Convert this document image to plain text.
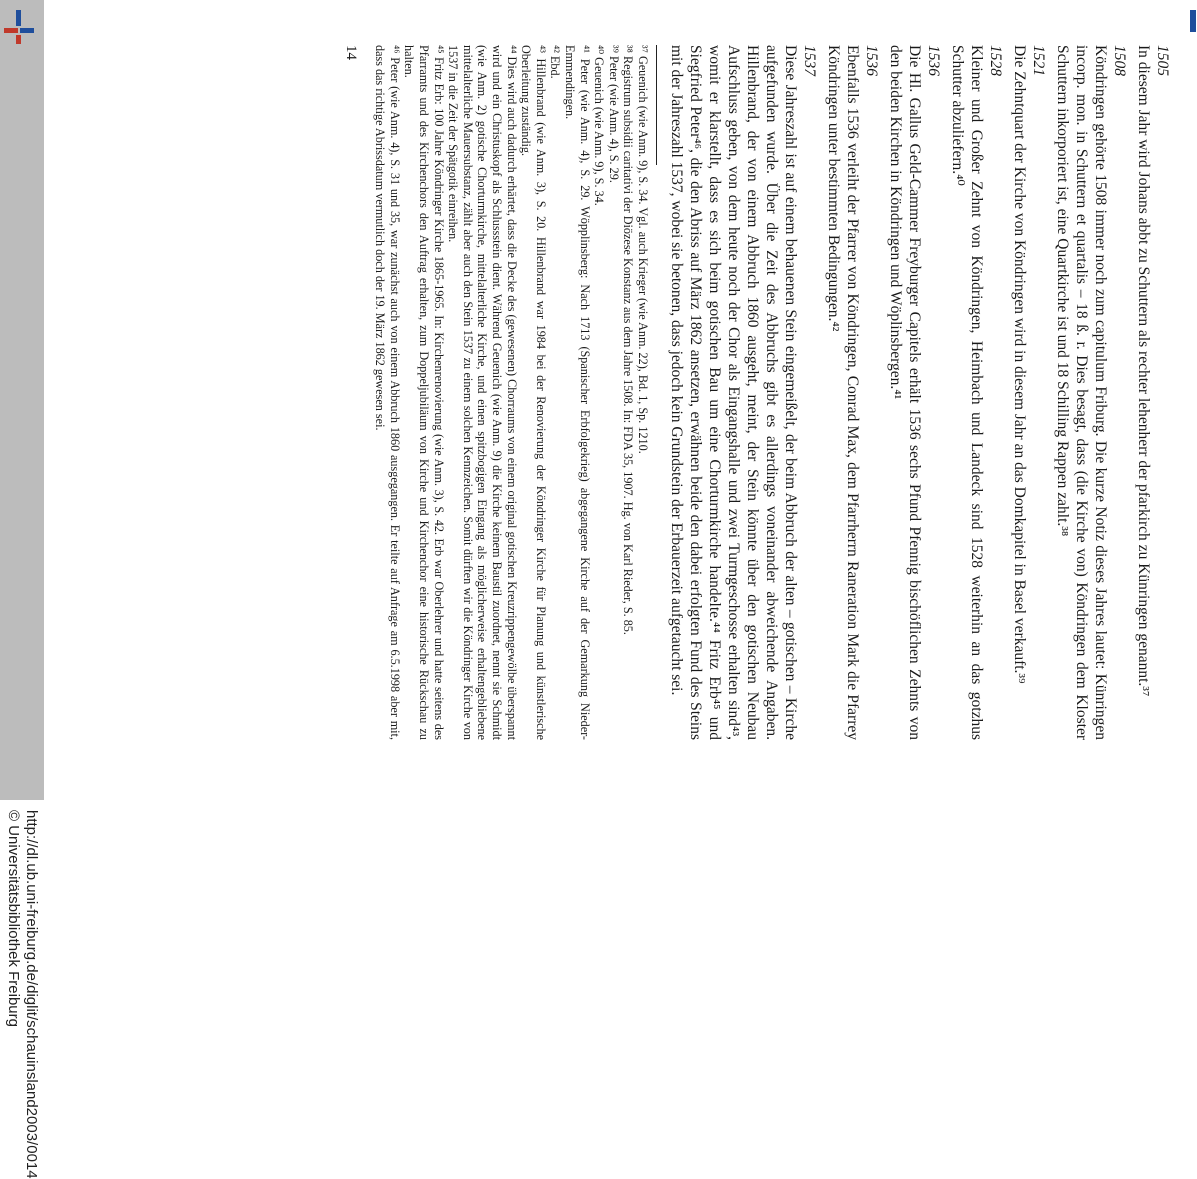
http://dl.ub.uni-freiburg.de/diglit/schauinsland2003/0014
© Universitätsbibliothek Freiburg
1505

In diesem Jahr wird Johans abbt zu Schuttern als rechter lehenherr der pfarkirch zu Künringen genannt.³⁷

1508

Köndringen gehörte 1508 immer noch zum capitulum Friburg. Die kurze Notiz dieses Jahres lautet: Künringen incorp. mon. in Schuttern et quartalis – 18 ß. r. Dies besagt, dass (die Kirche von) Köndringen dem Kloster Schuttern inkorporiert ist, eine Quartkirche ist und 18 Schilling Rappen zahlt.³⁸

1521

Die Zehntquart der Kirche von Köndringen wird in diesem Jahr an das Domkapitel in Basel verkauft.³⁹

1528

Kleiner und Großer Zehnt von Köndringen, Heimbach und Landeck sind 1528 weiterhin an das gotzhus Schutter abzuliefern.⁴⁰

1536

Die Hl. Gallus Geld-Cammer Freyburger Capitels erhält 1536 sechs Pfund Pfennig bischöflichen Zehnts von den beiden Kirchen in Köndringen und Wöplinsbergen.⁴¹

1536

Ebenfalls 1536 verleiht der Pfarrer von Köndringen, Conrad Max, dem Pfarrherrn Raneration Mark die Pfarrey Köndringen unter bestimmten Bedingungen.⁴²

1537

Diese Jahreszahl ist auf einem behauenen Stein eingemeißelt, der beim Abbruch der alten – gotischen – Kirche aufgefunden wurde. Über die Zeit des Abbruchs gibt es allerdings voneinander abweichende Angaben. Hillenbrand, der von einem Abbruch 1860 ausgeht, meint, der Stein könnte über den gotischen Neubau Aufschluss geben, von dem heute noch der Chor als Eingangshalle und zwei Turmgeschosse erhalten sind⁴³, womit er klarstellt, dass es sich beim gotischen Bau um eine Chorturmkirche handelte.⁴⁴ Fritz Erb⁴⁵ und Siegfried Peter⁴⁶, die den Abriss auf März 1862 ansetzen, erwähnen beide den dabei erfolgten Fund des Steins mit der Jahreszahl 1537, wobei sie betonen, dass jedoch kein Grundstein der Erbauerzeit aufgetaucht sei.

³⁷ Geuenich (wie Anm. 9), S. 34. Vgl. auch Krieger (wie Anm. 22), Bd. 1, Sp. 1210.

³⁸ Registrum subsidii caritativi der Diözese Konstanz aus dem Jahre 1508. In: FDA 35, 1907. Hg. von Karl Rieder, S. 85.

³⁹ Peter (wie Anm. 4), S. 29.

⁴⁰ Geuenich (wie Anm. 9), S. 34.

⁴¹ Peter (wie Anm. 4), S. 29. Wöpplinsberg: Nach 1713 (Spanischer Erbfolgekrieg) abgegangene Kirche auf der Gemarkung Nieder-Emmendingen.

⁴² Ebd.

⁴³ Hillenbrand (wie Anm. 3), S. 20. Hillenbrand war 1984 bei der Renovierung der Köndringer Kirche für Planung und künstlerische Oberleitung zuständig.

⁴⁴ Dies wird auch dadurch erhärtet, dass die Decke des (gewesenen) Chorraums von einem original gotischen Kreuzrippengewölbe überspannt wird und ein Christuskopf als Schlussstein dient. Während Geuenich (wie Anm. 9) die Kirche keinem Baustil zuordnet, nennt sie Schmidt (wie Anm. 2) gotische Chorturmkirche, mittelalterliche Kirche, und einen spitzbogigen Eingang als möglicherweise erhaltengebliebene mittelalterliche Mauersubstanz, zählt aber auch den Stein 1537 zu einem solchen Kennzeichen. Somit dürften wir die Köndringer Kirche von 1537 in die Zeit der Spätgotik einreihen.

⁴⁵ Fritz Erb: 100 Jahre Köndringer Kirche 1865-1965. In: Kirchenrenovierung (wie Anm. 3), S. 42. Erb war Oberlehrer und hatte seitens des Pfarramts und des Kirchenchors den Auftrag erhalten, zum Doppeljubiläum von Kirche und Kirchenchor eine historische Rückschau zu halten.

⁴⁶ Peter (wie Anm. 4), S. 31 und 35, war zunächst auch von einem Abbruch 1860 ausgegangen. Er teilte auf Anfrage am 6.5.1998 aber mit, dass das richtige Abrissdatum vermutlich doch der 19. März 1862 gewesen sei.

14
